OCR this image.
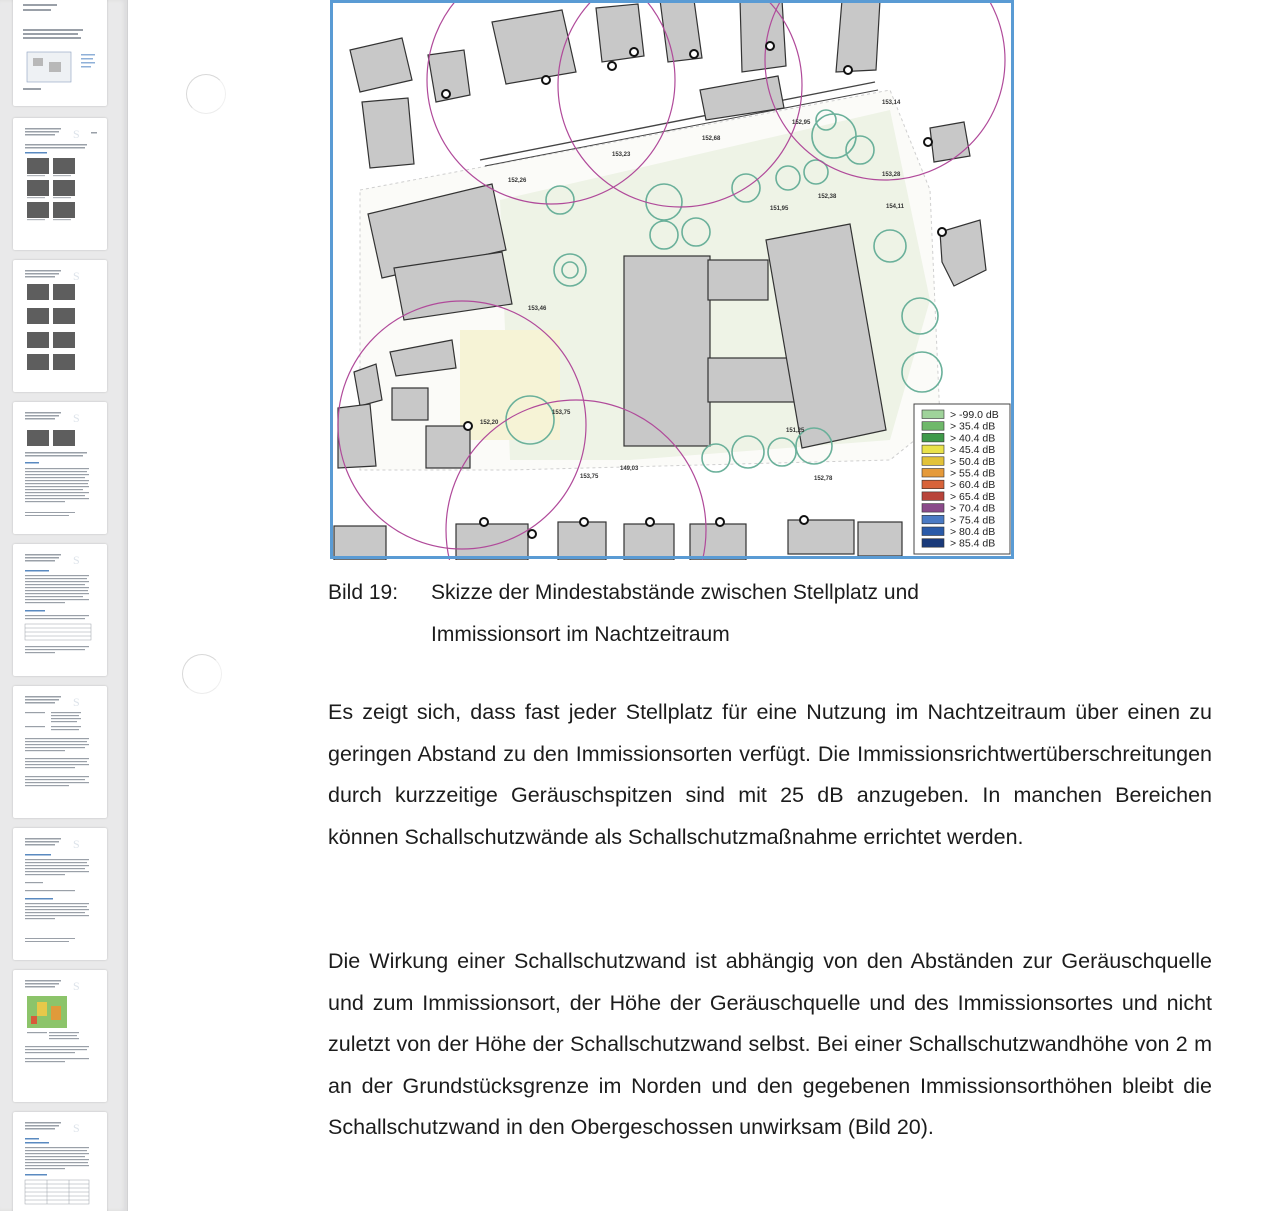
S
S
S
S
S
S
S
S
153,14
152,95
152,68
153,23
152,26
153,28
151,95
152,38
154,11
153,46
152,20
153,75
153,75
151,25
152,78
149,03
> -99.0 dB
> 35.4 dB
> 40.4 dB
> 45.4 dB
> 50.4 dB
> 55.4 dB
> 60.4 dB
> 65.4 dB
> 70.4 dB
> 75.4 dB
> 80.4 dB
> 85.4 dB
Bild 19: Skizze der Mindestabstände zwischen Stellplatz und Immissionsort im Nachtzeitraum

Es zeigt sich, dass fast jeder Stellplatz für eine Nutzung im Nachtzeitraum über einen zu geringen Abstand zu den Immissionsorten verfügt. Die Immissionsrichtwertüberschreitungen durch kurzzeitige Geräuschspitzen sind mit 25 dB anzugeben. In manchen Bereichen können Schallschutzwände als Schallschutzmaßnahme errichtet werden.

Die Wirkung einer Schallschutzwand ist abhängig von den Abständen zur Geräuschquelle und zum Immissionsort, der Höhe der Geräuschquelle und des Immissionsortes und nicht zuletzt von der Höhe der Schallschutzwand selbst. Bei einer Schallschutzwandhöhe von 2 m an der Grundstücksgrenze im Norden und den gegebenen Immissionsorthöhen bleibt die Schallschutzwand in den Obergeschossen unwirksam (Bild 20).
